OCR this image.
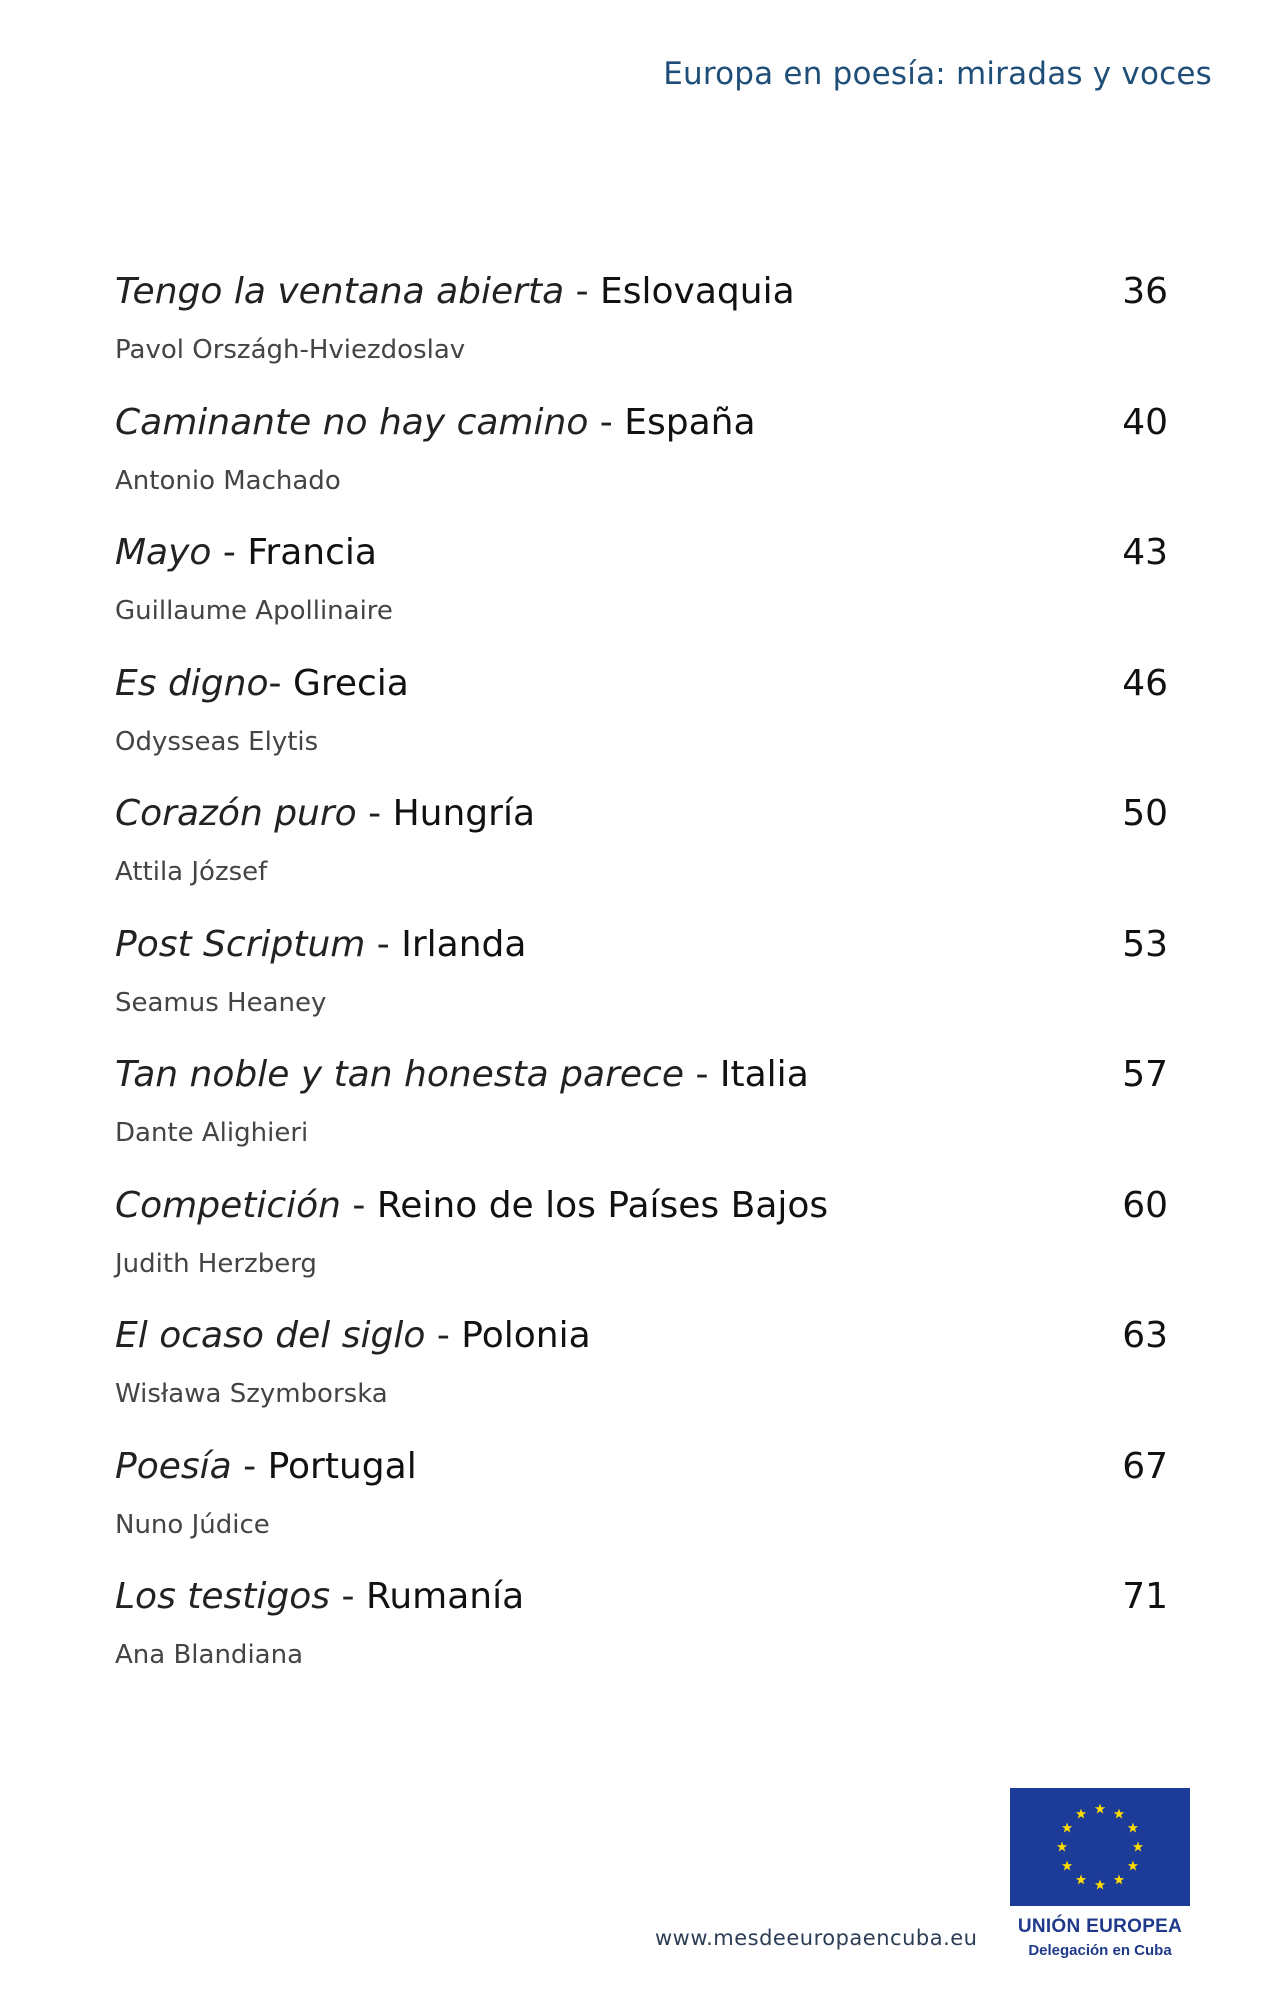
Europa en poesía: miradas y voces
Tengo la ventana abierta - Eslovaquia	36
Pavol Országh-Hviezdoslav
Caminante no hay camino - España	40
Antonio Machado
Mayo - Francia	43
Guillaume Apollinaire
Es digno- Grecia	46
Odysseas Elytis
Corazón puro - Hungría	50
Attila József
Post Scriptum - Irlanda	53
Seamus Heaney
Tan noble y tan honesta parece - Italia	57
Dante Alighieri
Competición - Reino de los Países Bajos	60
Judith Herzberg
El ocaso del siglo - Polonia	63
Wisława Szymborska
Poesía - Portugal	67
Nuno Júdice
Los testigos - Rumanía	71
Ana Blandiana
www.mesdeeuropaencuba.eu	UNIÓN EUROPEA
Delegación en Cuba
